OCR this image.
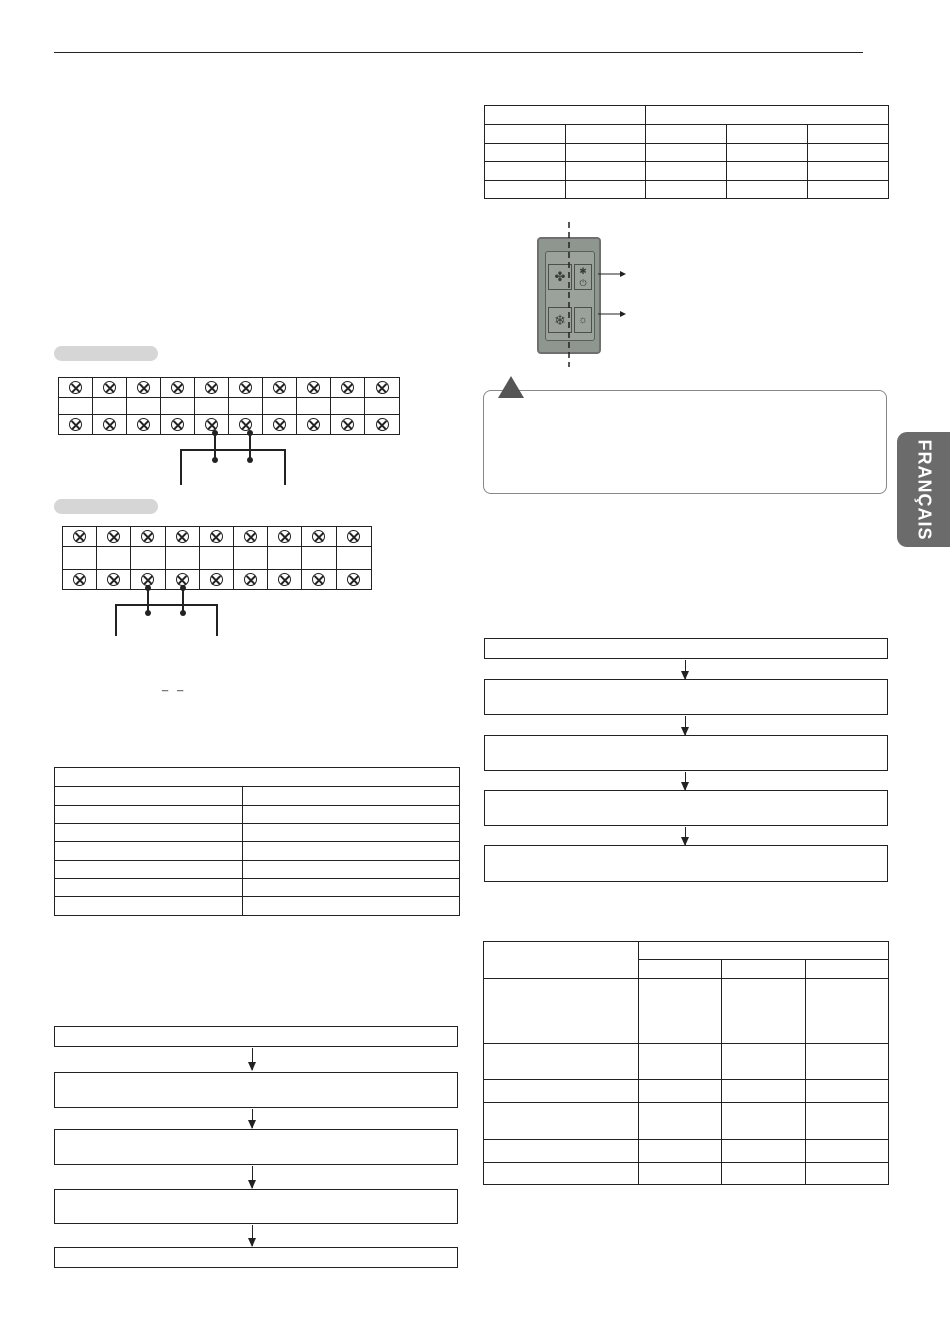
FRANÇAIS
_ _

✤	✱
⏻
❄	☼
